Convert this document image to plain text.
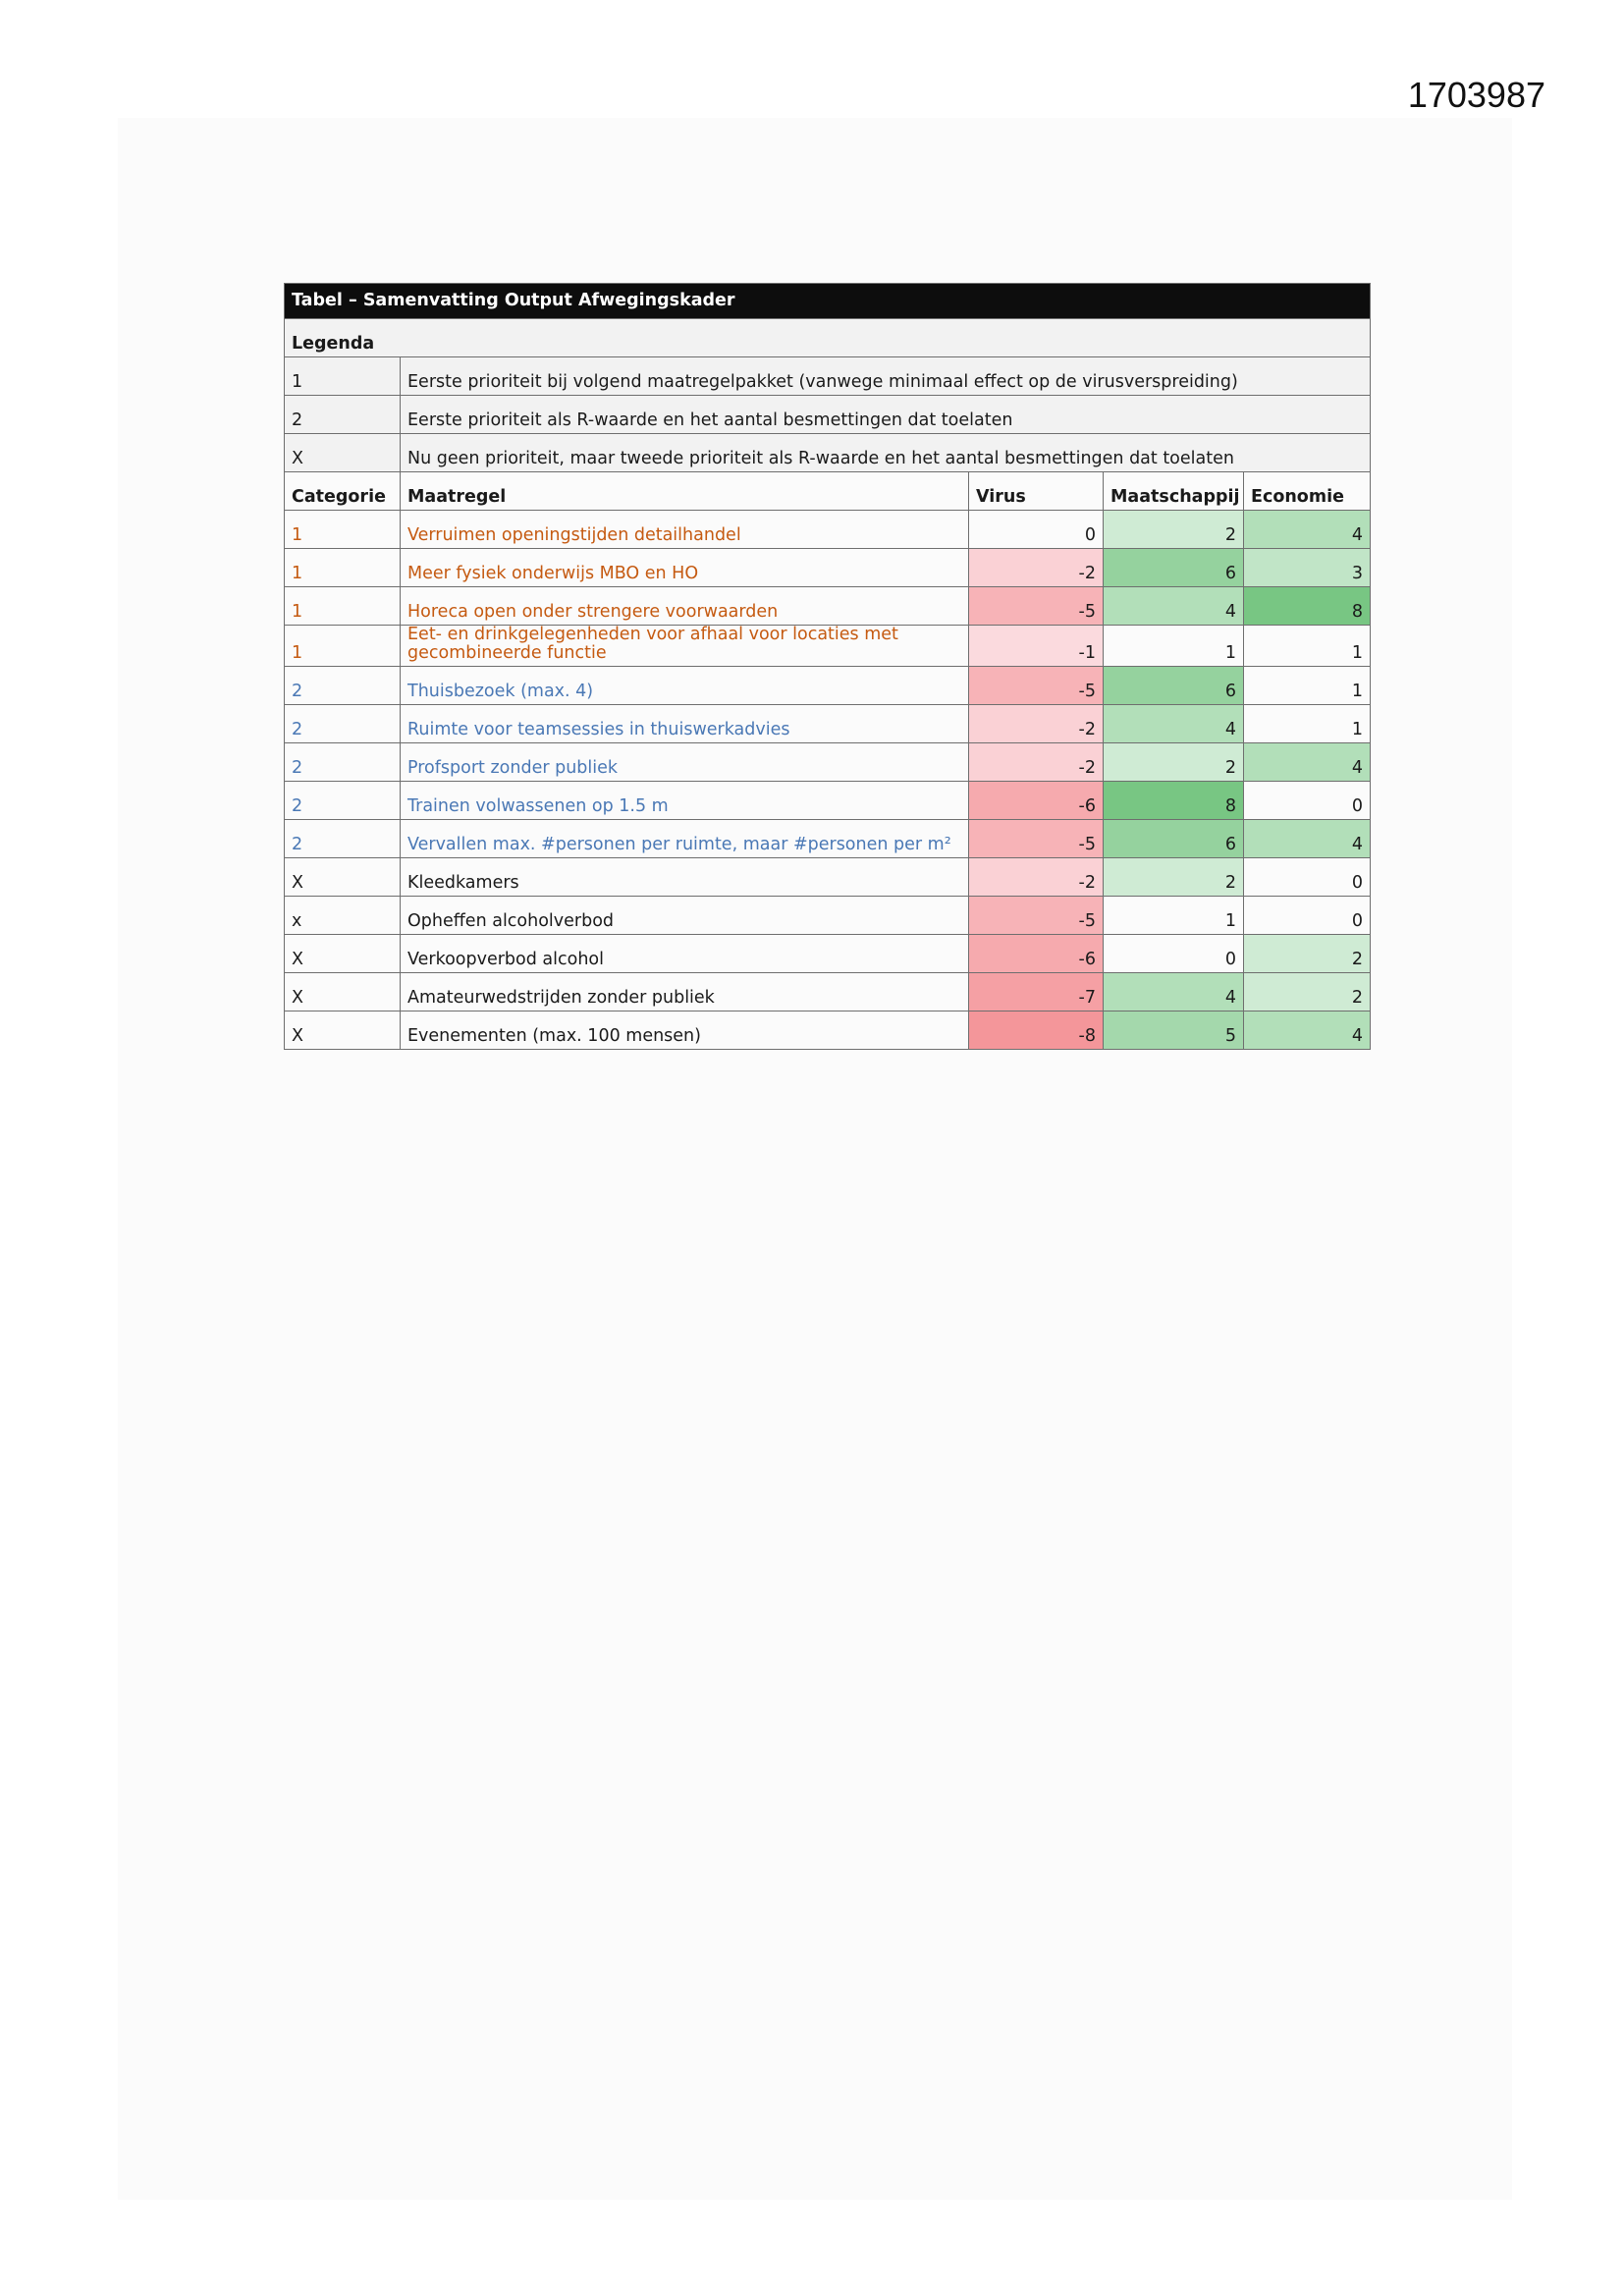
1703987
Tabel – Samenvatting Output Afwegingskader				
Legenda				
1	Eerste prioriteit bij volgend maatregelpakket (vanwege minimaal effect op de virusverspreiding)			
2	Eerste prioriteit als R-waarde en het aantal besmettingen dat toelaten			
X	Nu geen prioriteit, maar tweede prioriteit als R-waarde en het aantal besmettingen dat toelaten			
Categorie	Maatregel	Virus	Maatschappij	Economie
1	Verruimen openingstijden detailhandel	0	2	4
1	Meer fysiek onderwijs MBO en HO	-2	6	3
1	Horeca open onder strengere voorwaarden	-5	4	8
1	Eet- en drinkgelegenheden voor afhaal voor locaties met gecombineerde functie	-1	1	1
2	Thuisbezoek (max. 4)	-5	6	1
2	Ruimte voor teamsessies in thuiswerkadvies	-2	4	1
2	Profsport zonder publiek	-2	2	4
2	Trainen volwassenen op 1.5 m	-6	8	0
2	Vervallen max. #personen per ruimte, maar #personen per m²	-5	6	4
X	Kleedkamers	-2	2	0
x	Opheffen alcoholverbod	-5	1	0
X	Verkoopverbod alcohol	-6	0	2
X	Amateurwedstrijden zonder publiek	-7	4	2
X	Evenementen (max. 100 mensen)	-8	5	4
